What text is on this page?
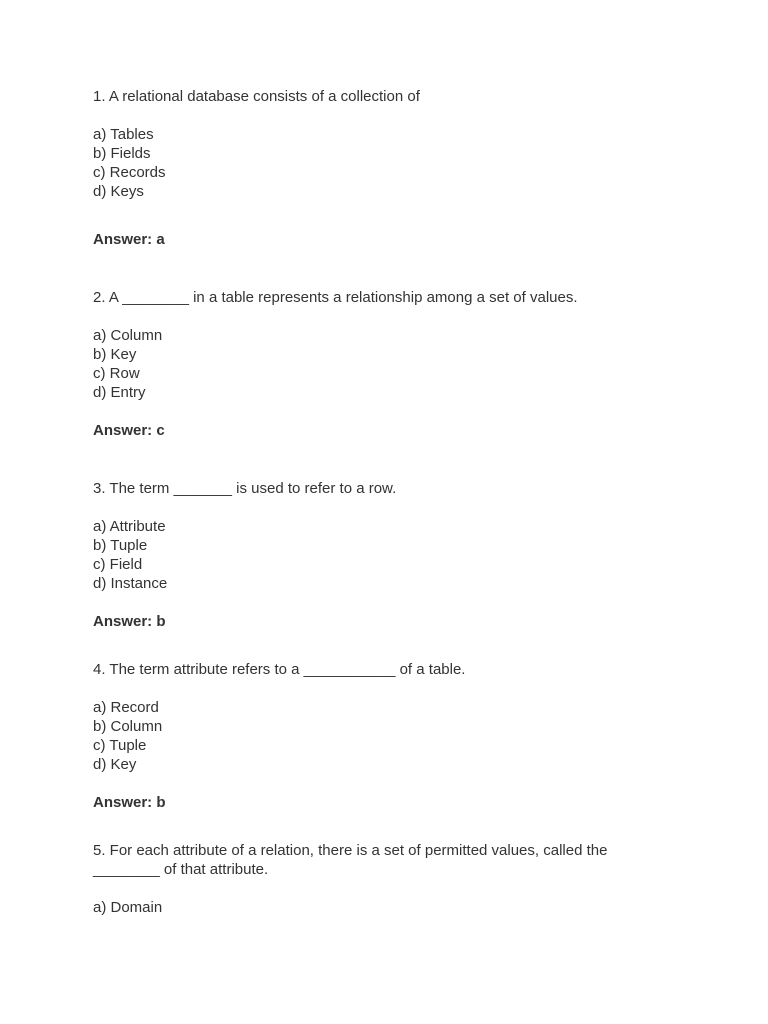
1. A relational database consists of a collection of

a) Tables
b) Fields
c) Records
d) Keys

Answer: a

2. A ________ in a table represents a relationship among a set of values.

a) Column
b) Key
c) Row
d) Entry

Answer: c

3. The term _______ is used to refer to a row.

a) Attribute
b) Tuple
c) Field
d) Instance

Answer: b

4. The term attribute refers to a ___________ of a table.

a) Record
b) Column
c) Tuple
d) Key

Answer: b

5. For each attribute of a relation, there is a set of permitted values, called the ________ of that attribute.

a) Domain
